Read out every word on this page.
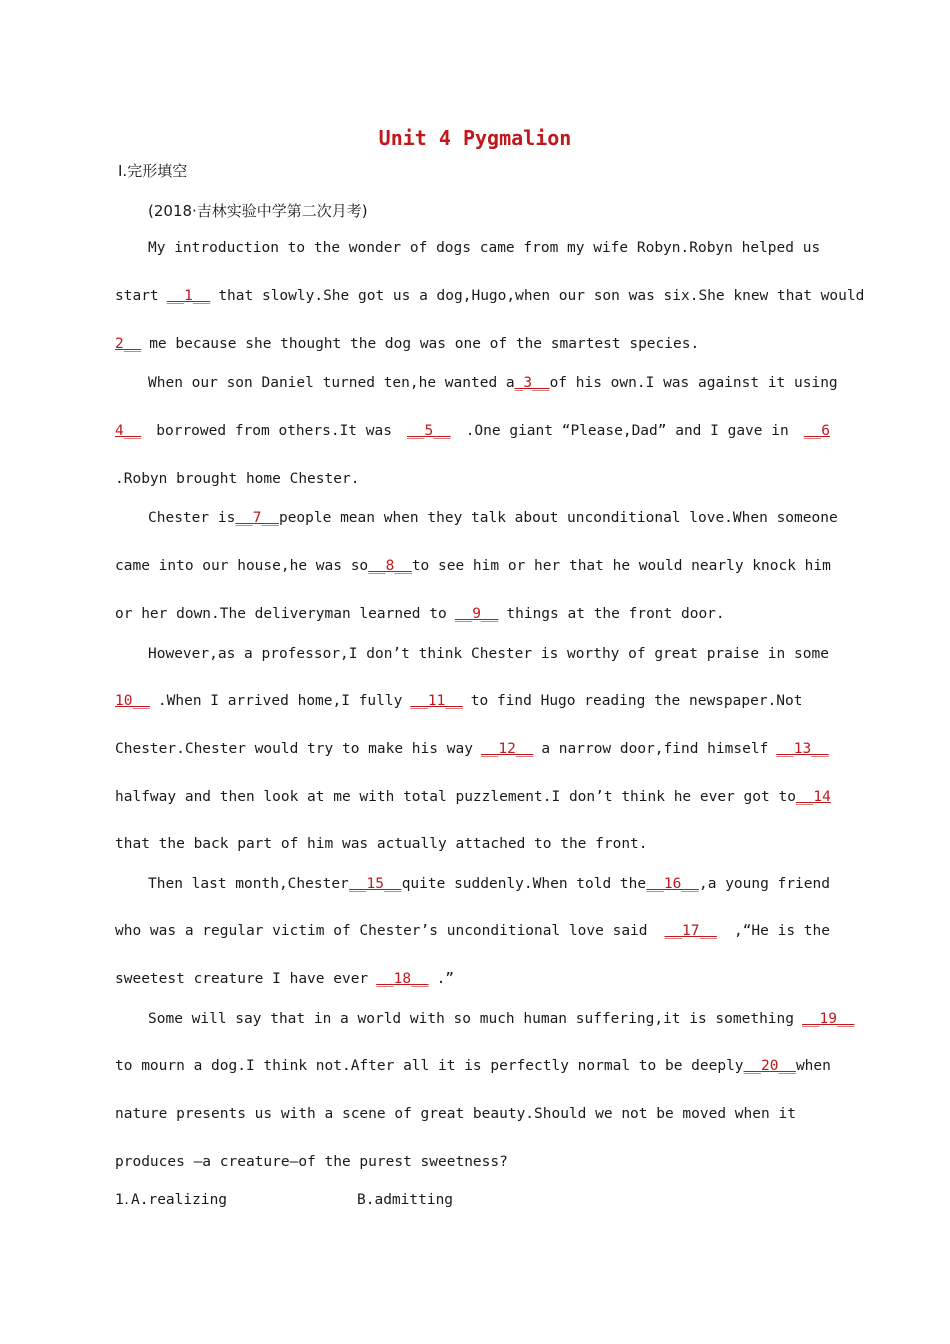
Unit 4 Pygmalion
Ⅰ.完形填空
(2018·吉林实验中学第二次月考)
My introduction to the wonder of dogs came from my wife Robyn.Robyn helped us
start __1__ that slowly.She got us a dog,Hugo,when our son was six.She knew that would
2__ me because she thought the dog was one of the smartest species.
When our son Daniel turned ten,he wanted a _3__ of his own.I was against it using
4__ borrowed from others.It was __5__ .One giant “Please,Dad” and I gave in __6
.Robyn brought home Chester.
Chester is __7__ people mean when they talk about unconditional love.When someone
came into our house,he was so __8__ to see him or her that he would nearly knock him
or her down.The deliveryman learned to __9__ things at the front door.
However,as a professor,I don’t think Chester is worthy of great praise in some
10__ .When I arrived home,I fully __11__ to find Hugo reading the newspaper.Not
Chester.Chester would try to make his way __12__ a narrow door,find himself __13__
halfway and then look at me with total puzzlement.I don’t think he ever got to __14
that the back part of him was actually attached to the front.
Then last month,Chester __15__ quite suddenly.When told the __16__ ,a young friend
who was a regular victim of Chester’s unconditional love said __17__ ,“He is the
sweetest creature I have ever __18__ .”
Some will say that in a world with so much human suffering,it is something __19__
to mourn a dog.I think not.After all it is perfectly normal to be deeply __20__ when
nature presents us with a scene of great beauty.Should we not be moved when it
produces —a creature—of the purest sweetness?
1. A.realizing	B.admitting
